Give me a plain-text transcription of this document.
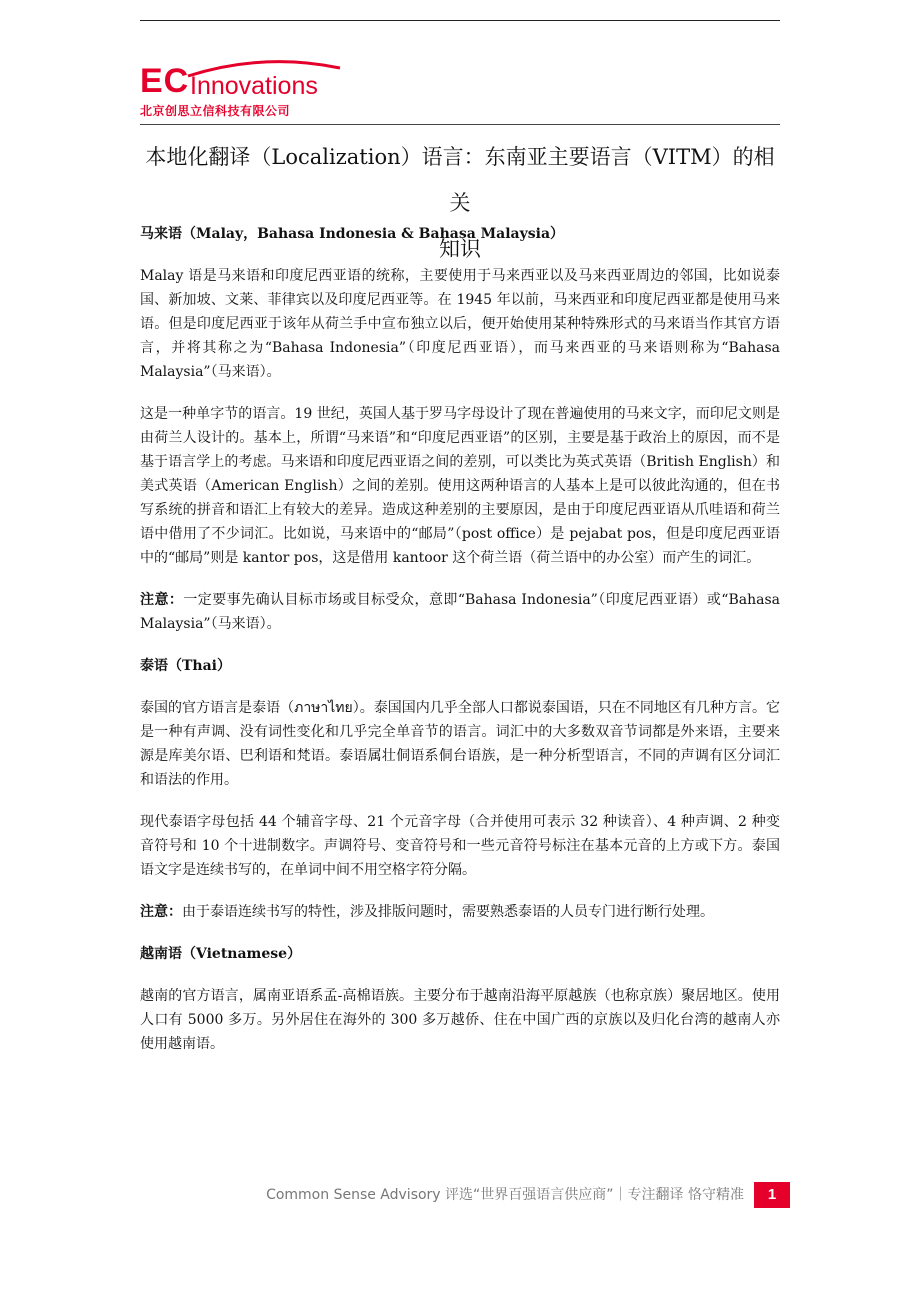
EC Innovations
北京创思立信科技有限公司
本地化翻译（Localization）语言：东南亚主要语言（VITM）的相关
知识
马来语（Malay，Bahasa Indonesia & Bahasa Malaysia）
Malay 语是马来语和印度尼西亚语的统称，主要使用于马来西亚以及马来西亚周边的邻国，比如说泰国、新加坡、文莱、菲律宾以及印度尼西亚等。在 1945 年以前，马来西亚和印度尼西亚都是使用马来语。但是印度尼西亚于该年从荷兰手中宣布独立以后，便开始使用某种特殊形式的马来语当作其官方语言，并将其称之为“Bahasa Indonesia”（印度尼西亚语），而马来西亚的马来语则称为“Bahasa Malaysia”（马来语）。
这是一种单字节的语言。19 世纪，英国人基于罗马字母设计了现在普遍使用的马来文字，而印尼文则是由荷兰人设计的。基本上，所谓“马来语”和“印度尼西亚语”的区别，主要是基于政治上的原因，而不是基于语言学上的考虑。马来语和印度尼西亚语之间的差别，可以类比为英式英语（British English）和美式英语（American English）之间的差别。使用这两种语言的人基本上是可以彼此沟通的，但在书写系统的拼音和语汇上有较大的差异。造成这种差别的主要原因，是由于印度尼西亚语从爪哇语和荷兰语中借用了不少词汇。比如说，马来语中的“邮局”（post office）是 pejabat pos，但是印度尼西亚语中的“邮局”则是 kantor pos，这是借用 kantoor 这个荷兰语（荷兰语中的办公室）而产生的词汇。
注意：一定要事先确认目标市场或目标受众，意即“Bahasa Indonesia”（印度尼西亚语）或“Bahasa Malaysia”（马来语）。
泰语（Thai）
泰国的官方语言是泰语（ภาษาไทย）。泰国国内几乎全部人口都说泰国语，只在不同地区有几种方言。它是一种有声调、没有词性变化和几乎完全单音节的语言。词汇中的大多数双音节词都是外来语，主要来源是库美尔语、巴利语和梵语。泰语属壮侗语系侗台语族，是一种分析型语言，不同的声调有区分词汇和语法的作用。
现代泰语字母包括 44 个辅音字母、21 个元音字母（合并使用可表示 32 种读音）、4 种声调、2 种变音符号和 10 个十进制数字。声调符号、变音符号和一些元音符号标注在基本元音的上方或下方。泰国语文字是连续书写的，在单词中间不用空格字符分隔。
注意：由于泰语连续书写的特性，涉及排版问题时，需要熟悉泰语的人员专门进行断行处理。
越南语（Vietnamese）
越南的官方语言，属南亚语系孟-高棉语族。主要分布于越南沿海平原越族（也称京族）聚居地区。使用人口有 5000 多万。另外居住在海外的 300 多万越侨、住在中国广西的京族以及归化台湾的越南人亦使用越南语。
Common Sense Advisory 评选“世界百强语言供应商”｜专注翻译 恪守精准	1
